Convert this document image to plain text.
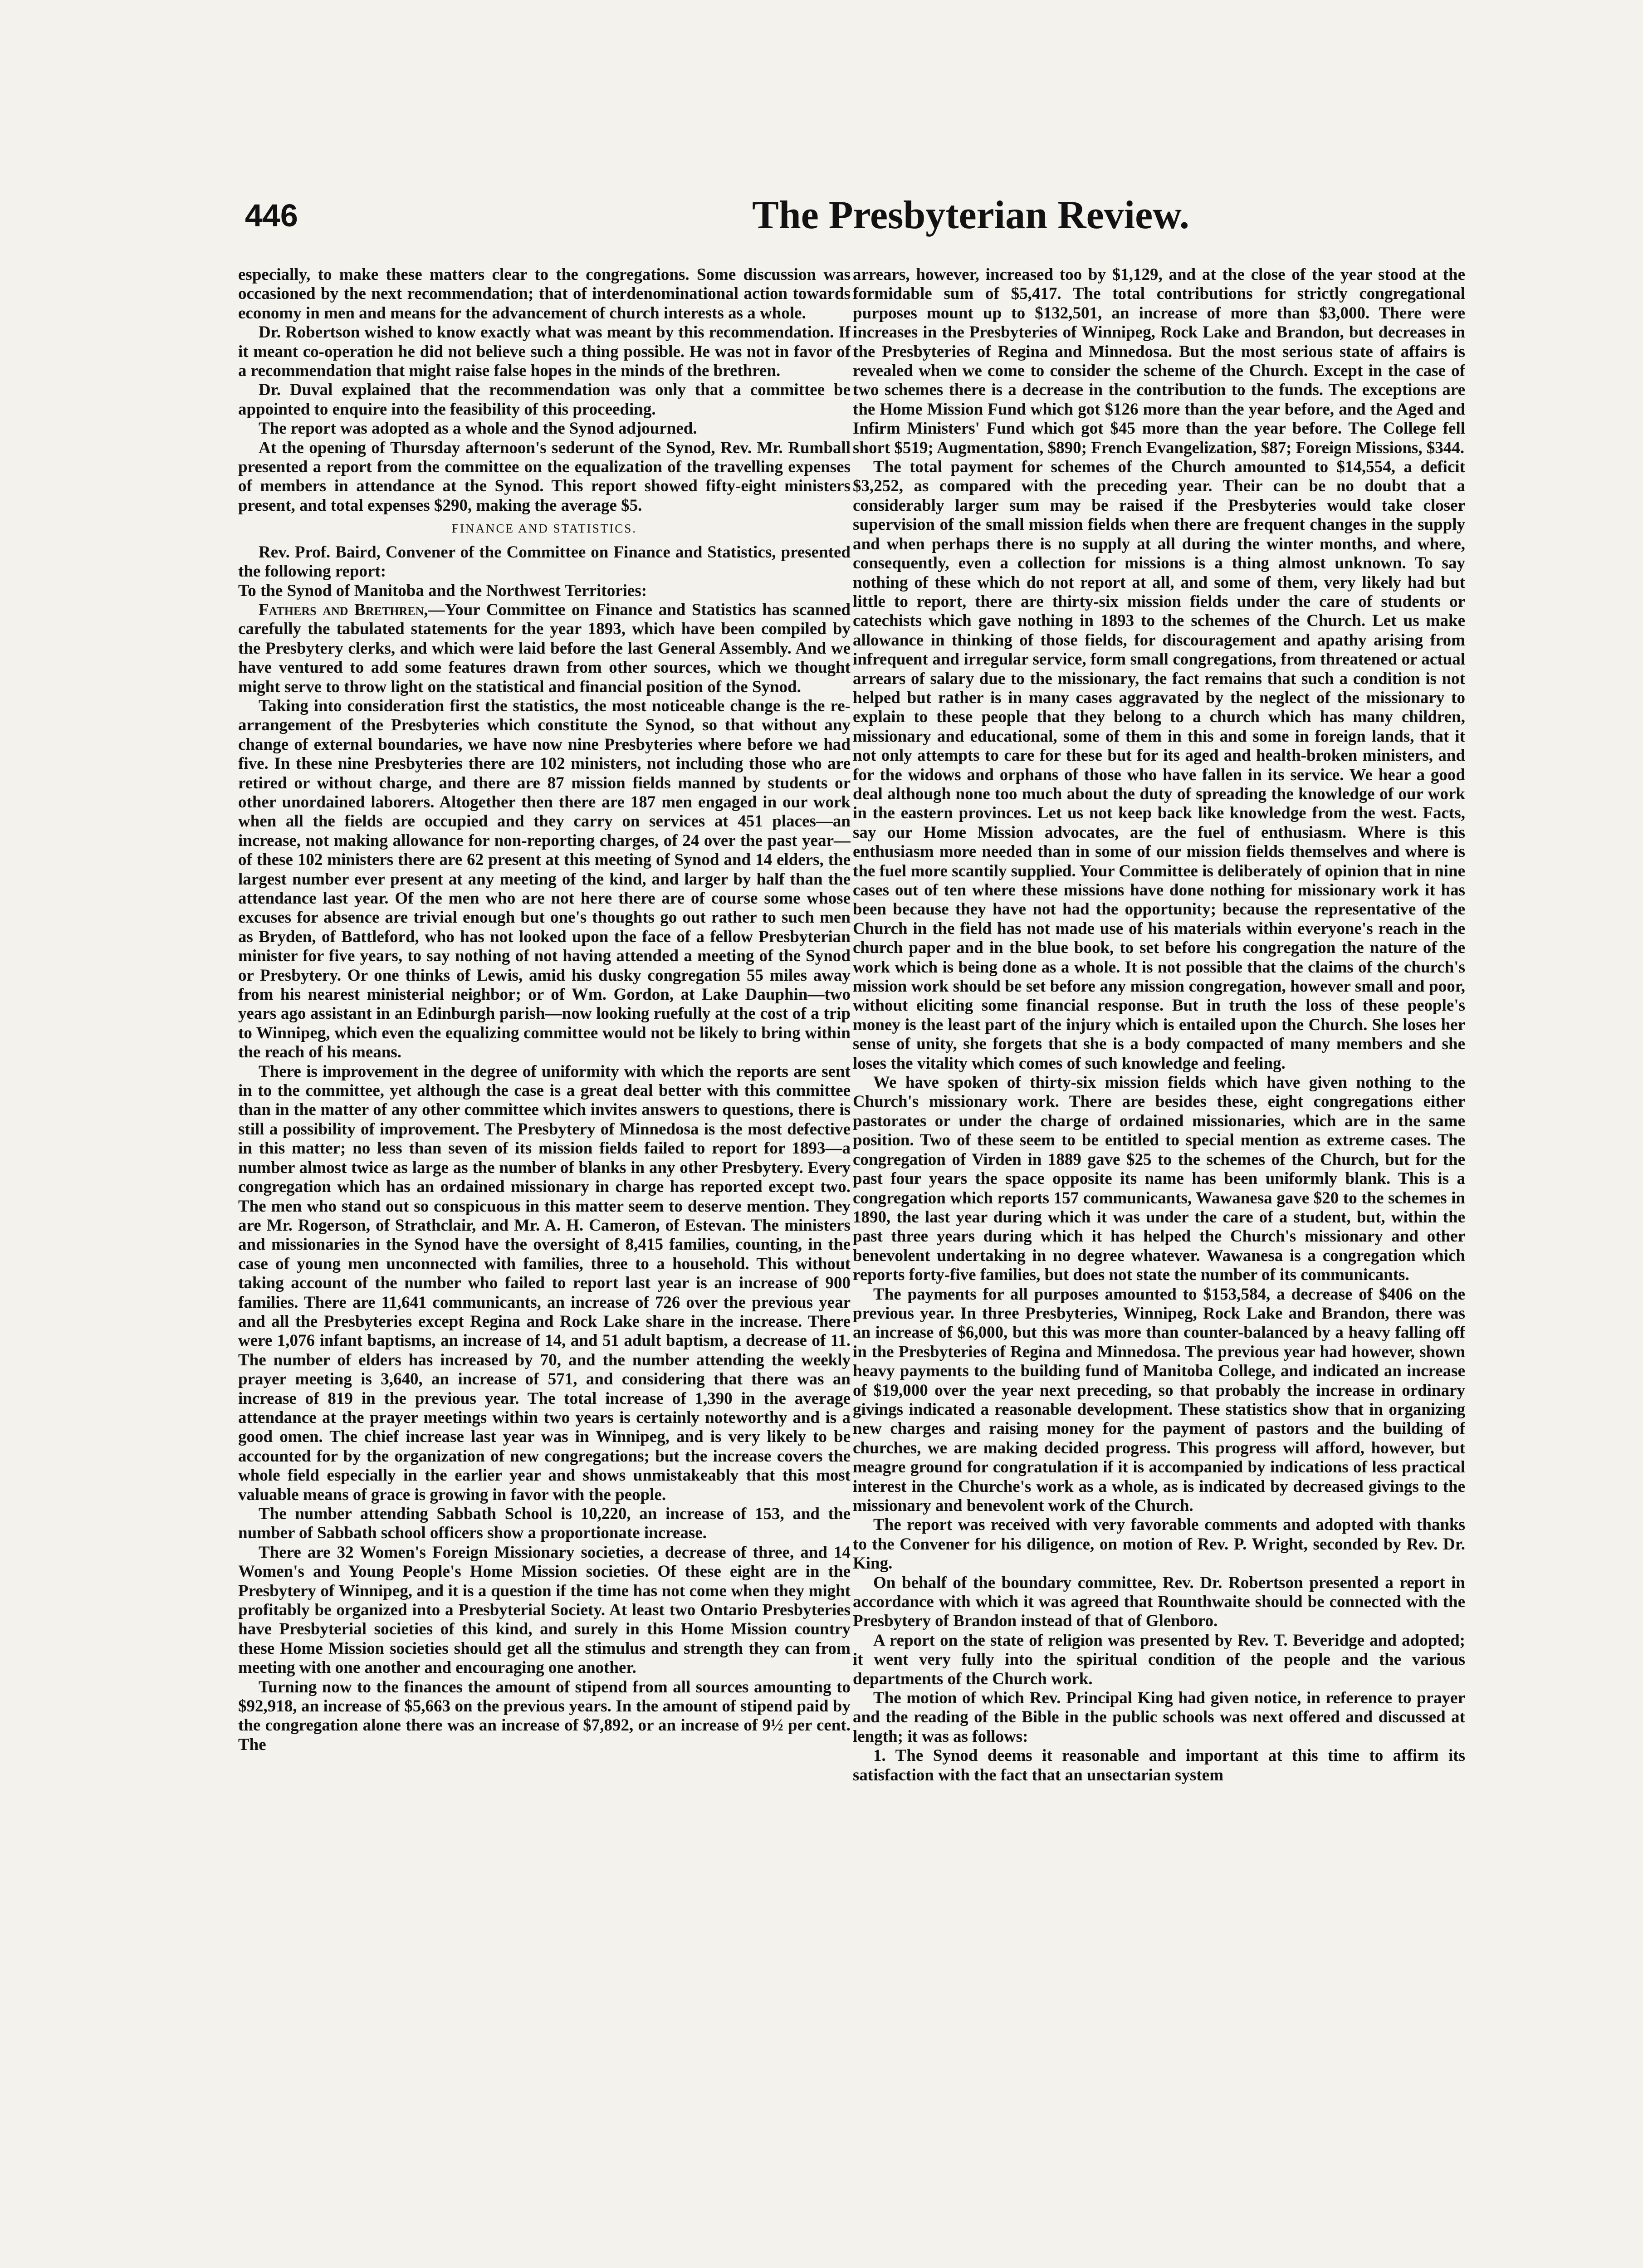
446	The Presbyterian Review.

especially, to make these matters clear to the congregations. Some discussion was occasioned by the next recommendation; that of interdenominational action towards economy in men and means for the advancement of church interests as a whole.

Dr. Robertson wished to know exactly what was meant by this recommendation. If it meant co-operation he did not believe such a thing possible. He was not in favor of a recommendation that might raise false hopes in the minds of the brethren.

Dr. Duval explained that the recommendation was only that a committee be appointed to enquire into the feasibility of this proceeding.

The report was adopted as a whole and the Synod adjourned.

At the opening of Thursday afternoon's sederunt of the Synod, Rev. Mr. Rumball presented a report from the committee on the equalization of the travelling expenses of members in attendance at the Synod. This report showed fifty-eight ministers present, and total expenses $290, making the average $5.

FINANCE AND STATISTICS.

Rev. Prof. Baird, Convener of the Committee on Finance and Statistics, presented the following report:

To the Synod of Manitoba and the Northwest Territories:

Fathers and Brethren,—Your Committee on Finance and Statistics has scanned carefully the tabulated statements for the year 1893, which have been compiled by the Presbytery clerks, and which were laid before the last General Assembly. And we have ventured to add some features drawn from other sources, which we thought might serve to throw light on the statistical and financial position of the Synod.

Taking into consideration first the statistics, the most noticeable change is the re-arrangement of the Presbyteries which constitute the Synod, so that without any change of external boundaries, we have now nine Presbyteries where before we had five. In these nine Presbyteries there are 102 ministers, not including those who are retired or without charge, and there are 87 mission fields manned by students or other unordained laborers. Altogether then there are 187 men engaged in our work when all the fields are occupied and they carry on services at 451 places—an increase, not making allowance for non-reporting charges, of 24 over the past year—of these 102 ministers there are 62 present at this meeting of Synod and 14 elders, the largest number ever present at any meeting of the kind, and larger by half than the attendance last year. Of the men who are not here there are of course some whose excuses for absence are trivial enough but one's thoughts go out rather to such men as Bryden, of Battleford, who has not looked upon the face of a fellow Presbyterian minister for five years, to say nothing of not having attended a meeting of the Synod or Presbytery. Or one thinks of Lewis, amid his dusky congregation 55 miles away from his nearest ministerial neighbor; or of Wm. Gordon, at Lake Dauphin—two years ago assistant in an Edinburgh parish—now looking ruefully at the cost of a trip to Winnipeg, which even the equalizing committee would not be likely to bring within the reach of his means.

There is improvement in the degree of uniformity with which the reports are sent in to the committee, yet although the case is a great deal better with this committee than in the matter of any other committee which invites answers to questions, there is still a possibility of improvement. The Presbytery of Minnedosa is the most defective in this matter; no less than seven of its mission fields failed to report for 1893—a number almost twice as large as the number of blanks in any other Presbytery. Every congregation which has an ordained missionary in charge has reported except two. The men who stand out so conspicuous in this matter seem to deserve mention. They are Mr. Rogerson, of Strathclair, and Mr. A. H. Cameron, of Estevan. The ministers and missionaries in the Synod have the oversight of 8,415 families, counting, in the case of young men unconnected with families, three to a household. This without taking account of the number who failed to report last year is an increase of 900 families. There are 11,641 communicants, an increase of 726 over the previous year and all the Presbyteries except Regina and Rock Lake share in the increase. There were 1,076 infant baptisms, an increase of 14, and 51 adult baptism, a decrease of 11. The number of elders has increased by 70, and the number attending the weekly prayer meeting is 3,640, an increase of 571, and considering that there was an increase of 819 in the previous year. The total increase of 1,390 in the average attendance at the prayer meetings within two years is certainly noteworthy and is a good omen. The chief increase last year was in Winnipeg, and is very likely to be accounted for by the organization of new congregations; but the increase covers the whole field especially in the earlier year and shows unmistakeably that this most valuable means of grace is growing in favor with the people.

The number attending Sabbath School is 10,220, an increase of 153, and the number of Sabbath school officers show a proportionate increase.

There are 32 Women's Foreign Missionary societies, a decrease of three, and 14 Women's and Young People's Home Mission societies. Of these eight are in the Presbytery of Winnipeg, and it is a question if the time has not come when they might profitably be organized into a Presbyterial Society. At least two Ontario Presbyteries have Presbyterial societies of this kind, and surely in this Home Mission country these Home Mission societies should get all the stimulus and strength they can from meeting with one another and encouraging one another.

Turning now to the finances the amount of stipend from all sources amounting to $92,918, an increase of $5,663 on the previous years. In the amount of stipend paid by the congregation alone there was an increase of $7,892, or an increase of 9½ per cent. The

arrears, however, increased too by $1,129, and at the close of the year stood at the formidable sum of $5,417. The total contributions for strictly congregational purposes mount up to $132,501, an increase of more than $3,000. There were increases in the Presbyteries of Winnipeg, Rock Lake and Brandon, but decreases in the Presbyteries of Regina and Minnedosa. But the most serious state of affairs is revealed when we come to consider the scheme of the Church. Except in the case of two schemes there is a decrease in the contribution to the funds. The exceptions are the Home Mission Fund which got $126 more than the year before, and the Aged and Infirm Ministers' Fund which got $45 more than the year before. The College fell short $519; Augmentation, $890; French Evangelization, $87; Foreign Missions, $344.

The total payment for schemes of the Church amounted to $14,554, a deficit $3,252, as compared with the preceding year. Their can be no doubt that a considerably larger sum may be raised if the Presbyteries would take closer supervision of the small mission fields when there are frequent changes in the supply and when perhaps there is no supply at all during the winter months, and where, consequently, even a collection for missions is a thing almost unknown. To say nothing of these which do not report at all, and some of them, very likely had but little to report, there are thirty-six mission fields under the care of students or catechists which gave nothing in 1893 to the schemes of the Church. Let us make allowance in thinking of those fields, for discouragement and apathy arising from infrequent and irregular service, form small congregations, from threatened or actual arrears of salary due to the missionary, the fact remains that such a condition is not helped but rather is in many cases aggravated by the neglect of the missionary to explain to these people that they belong to a church which has many children, missionary and educational, some of them in this and some in foreign lands, that it not only attempts to care for these but for its aged and health-broken ministers, and for the widows and orphans of those who have fallen in its service. We hear a good deal although none too much about the duty of spreading the knowledge of our work in the eastern provinces. Let us not keep back like knowledge from the west. Facts, say our Home Mission advocates, are the fuel of enthusiasm. Where is this enthusiasm more needed than in some of our mission fields themselves and where is the fuel more scantily supplied. Your Committee is deliberately of opinion that in nine cases out of ten where these missions have done nothing for missionary work it has been because they have not had the opportunity; because the representative of the Church in the field has not made use of his materials within everyone's reach in the church paper and in the blue book, to set before his congregation the nature of the work which is being done as a whole. It is not possible that the claims of the church's mission work should be set before any mission congregation, however small and poor, without eliciting some financial response. But in truth the loss of these people's money is the least part of the injury which is entailed upon the Church. She loses her sense of unity, she forgets that she is a body compacted of many members and she loses the vitality which comes of such knowledge and feeling.

We have spoken of thirty-six mission fields which have given nothing to the Church's missionary work. There are besides these, eight congregations either pastorates or under the charge of ordained missionaries, which are in the same position. Two of these seem to be entitled to special mention as extreme cases. The congregation of Virden in 1889 gave $25 to the schemes of the Church, but for the past four years the space opposite its name has been uniformly blank. This is a congregation which reports 157 communicants, Wawanesa gave $20 to the schemes in 1890, the last year during which it was under the care of a student, but, within the past three years during which it has helped the Church's missionary and other benevolent undertaking in no degree whatever. Wawanesa is a congregation which reports forty-five families, but does not state the number of its communicants.

The payments for all purposes amounted to $153,584, a decrease of $406 on the previous year. In three Presbyteries, Winnipeg, Rock Lake and Brandon, there was an increase of $6,000, but this was more than counter-balanced by a heavy falling off in the Presbyteries of Regina and Minnedosa. The previous year had however, shown heavy payments to the building fund of Manitoba College, and indicated an increase of $19,000 over the year next preceding, so that probably the increase in ordinary givings indicated a reasonable development. These statistics show that in organizing new charges and raising money for the payment of pastors and the building of churches, we are making decided progress. This progress will afford, however, but meagre ground for congratulation if it is accompanied by indications of less practical interest in the Churche's work as a whole, as is indicated by decreased givings to the missionary and benevolent work of the Church.

The report was received with very favorable comments and adopted with thanks to the Convener for his diligence, on motion of Rev. P. Wright, seconded by Rev. Dr. King.

On behalf of the boundary committee, Rev. Dr. Robertson presented a report in accordance with which it was agreed that Rounthwaite should be connected with the Presbytery of Brandon instead of that of Glenboro.

A report on the state of religion was presented by Rev. T. Beveridge and adopted; it went very fully into the spiritual condition of the people and the various departments of the Church work.

The motion of which Rev. Principal King had given notice, in reference to prayer and the reading of the Bible in the public schools was next offered and discussed at length; it was as follows:

1. The Synod deems it reasonable and important at this time to affirm its satisfaction with the fact that an unsectarian system
